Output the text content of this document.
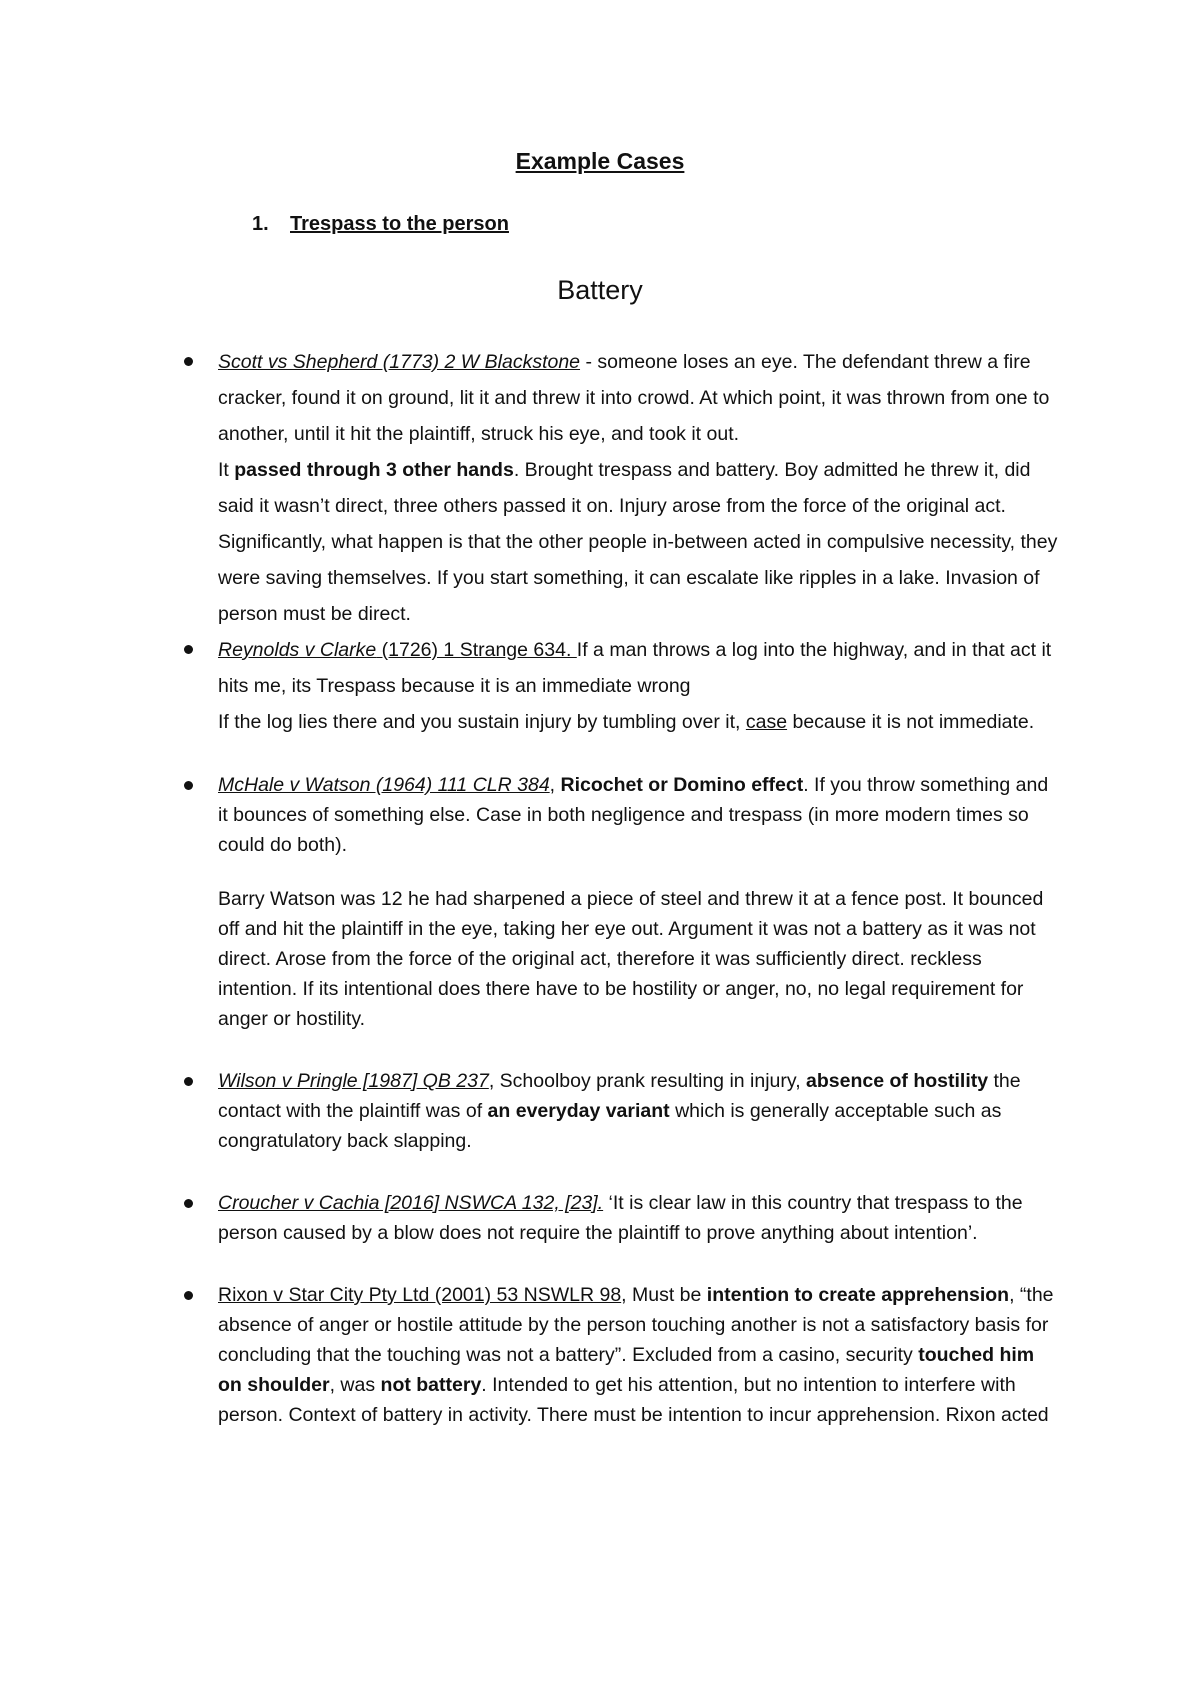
Example Cases
1. Trespass to the person
Battery

Scott vs Shepherd (1773) 2 W Blackstone - someone loses an eye. The defendant threw a fire cracker, found it on ground, lit it and threw it into crowd. At which point, it was thrown from one to another, until it hit the plaintiff, struck his eye, and took it out.

It passed through 3 other hands. Brought trespass and battery. Boy admitted he threw it, did said it wasn’t direct, three others passed it on. Injury arose from the force of the original act. Significantly, what happen is that the other people in-between acted in compulsive necessity, they were saving themselves. If you start something, it can escalate like ripples in a lake. Invasion of person must be direct.

Reynolds v Clarke (1726) 1 Strange 634. If a man throws a log into the highway, and in that act it hits me, its Trespass because it is an immediate wrong

If the log lies there and you sustain injury by tumbling over it, case because it is not immediate.

McHale v Watson (1964) 111 CLR 384, Ricochet or Domino effect. If you throw something and it bounces of something else. Case in both negligence and trespass (in more modern times so could do both).

Barry Watson was 12 he had sharpened a piece of steel and threw it at a fence post. It bounced off and hit the plaintiff in the eye, taking her eye out. Argument it was not a battery as it was not direct. Arose from the force of the original act, therefore it was sufficiently direct. reckless intention. If its intentional does there have to be hostility or anger, no, no legal requirement for anger or hostility.

Wilson v Pringle [1987] QB 237, Schoolboy prank resulting in injury, absence of hostility the contact with the plaintiff was of an everyday variant which is generally acceptable such as congratulatory back slapping.

Croucher v Cachia [2016] NSWCA 132, [23]. ‘It is clear law in this country that trespass to the person caused by a blow does not require the plaintiff to prove anything about intention’.

Rixon v Star City Pty Ltd (2001) 53 NSWLR 98, Must be intention to create apprehension, “the absence of anger or hostile attitude by the person touching another is not a satisfactory basis for concluding that the touching was not a battery”. Excluded from a casino, security touched him on shoulder, was not battery. Intended to get his attention, but no intention to interfere with person. Context of battery in activity. There must be intention to incur apprehension. Rixon acted
